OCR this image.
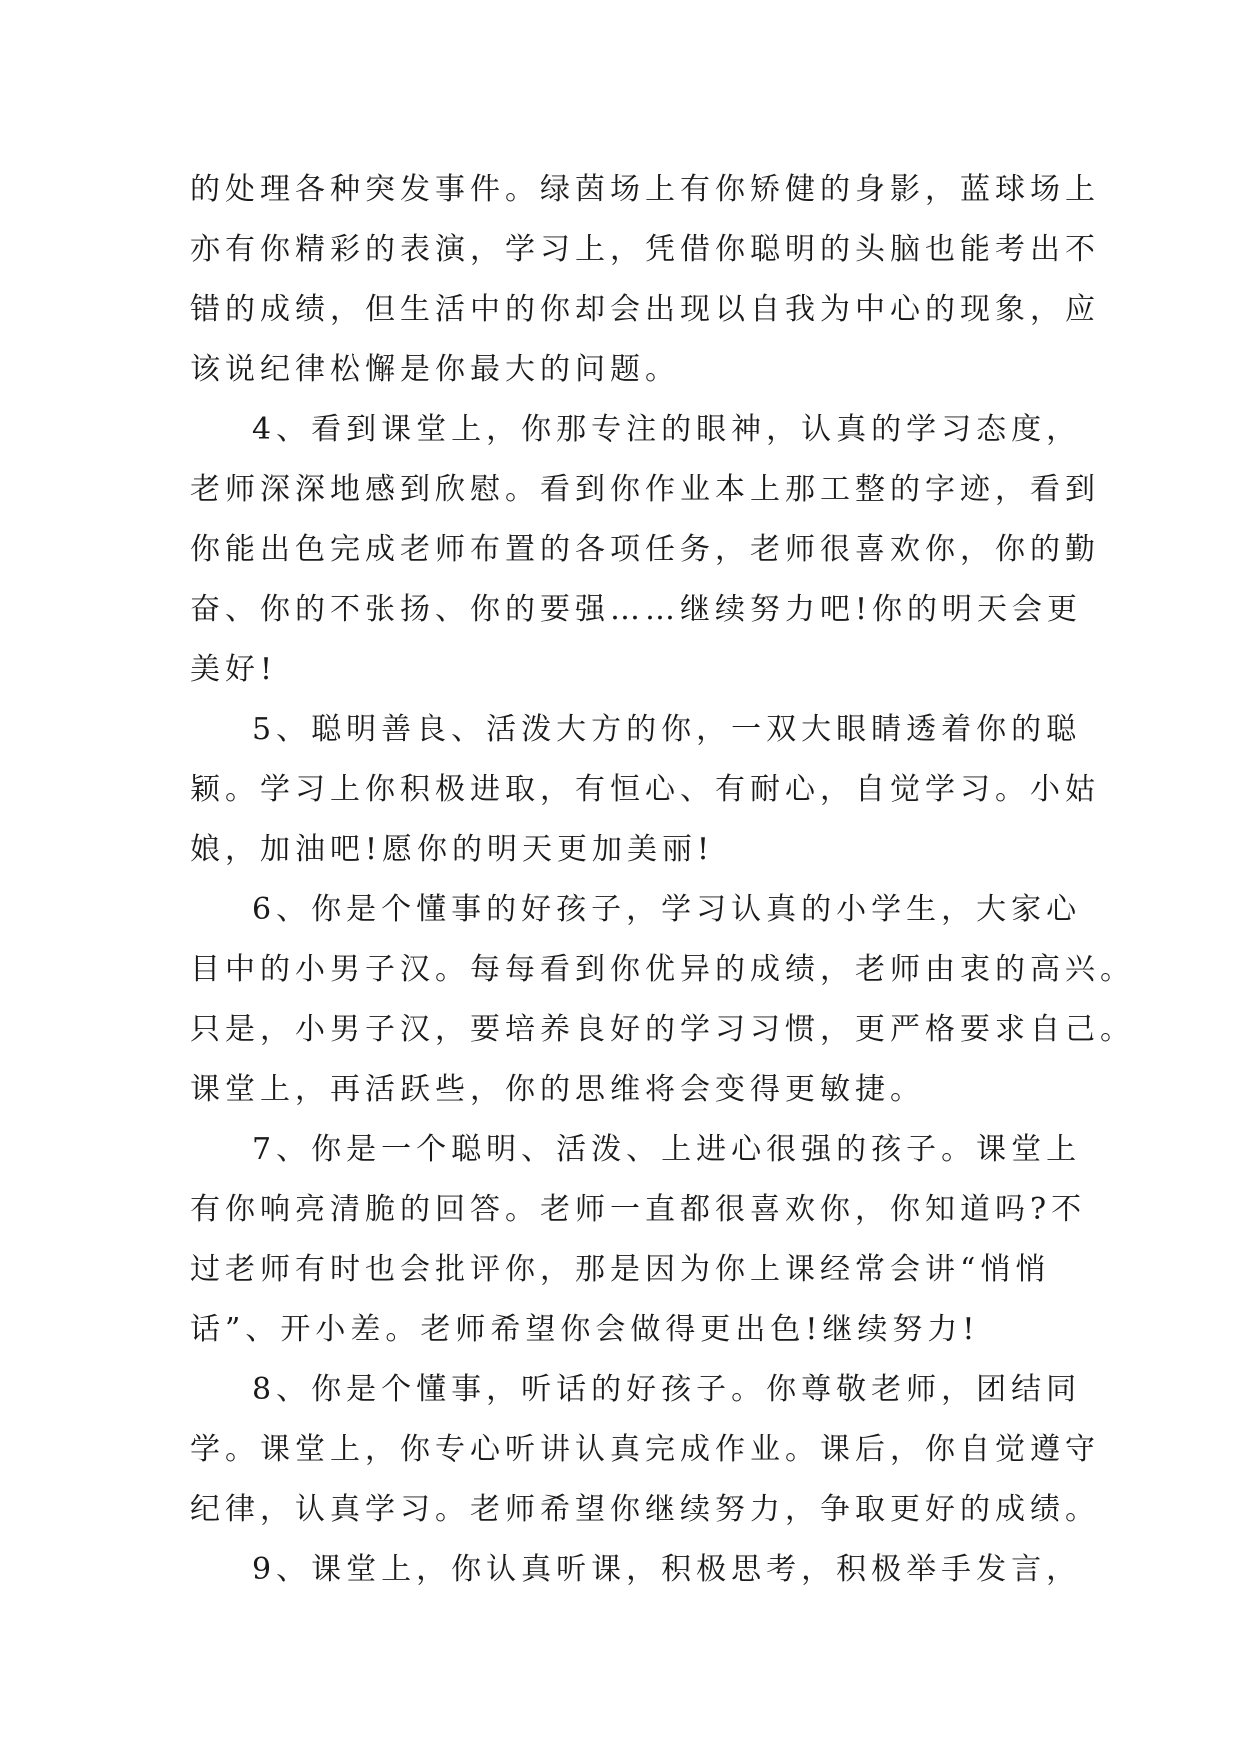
的处理各种突发事件。绿茵场上有你矫健的身影，蓝球场上
亦有你精彩的表演，学习上，凭借你聪明的头脑也能考出不
错的成绩，但生活中的你却会出现以自我为中心的现象，应
该说纪律松懈是你最大的问题。
4、看到课堂上，你那专注的眼神，认真的学习态度，
老师深深地感到欣慰。看到你作业本上那工整的字迹，看到
你能出色完成老师布置的各项任务，老师很喜欢你，你的勤
奋、你的不张扬、你的要强……继续努力吧!你的明天会更
美好!
5、聪明善良、活泼大方的你，一双大眼睛透着你的聪
颖。学习上你积极进取，有恒心、有耐心，自觉学习。小姑
娘，加油吧!愿你的明天更加美丽!
6、你是个懂事的好孩子，学习认真的小学生，大家心
目中的小男子汉。每每看到你优异的成绩，老师由衷的高兴。
只是，小男子汉，要培养良好的学习习惯，更严格要求自己。
课堂上，再活跃些，你的思维将会变得更敏捷。
7、你是一个聪明、活泼、上进心很强的孩子。课堂上
有你响亮清脆的回答。老师一直都很喜欢你，你知道吗?不
过老师有时也会批评你，那是因为你上课经常会讲“悄悄
话”、开小差。老师希望你会做得更出色!继续努力!
8、你是个懂事，听话的好孩子。你尊敬老师，团结同
学。课堂上，你专心听讲认真完成作业。课后，你自觉遵守
纪律，认真学习。老师希望你继续努力，争取更好的成绩。
9、课堂上，你认真听课，积极思考，积极举手发言，
